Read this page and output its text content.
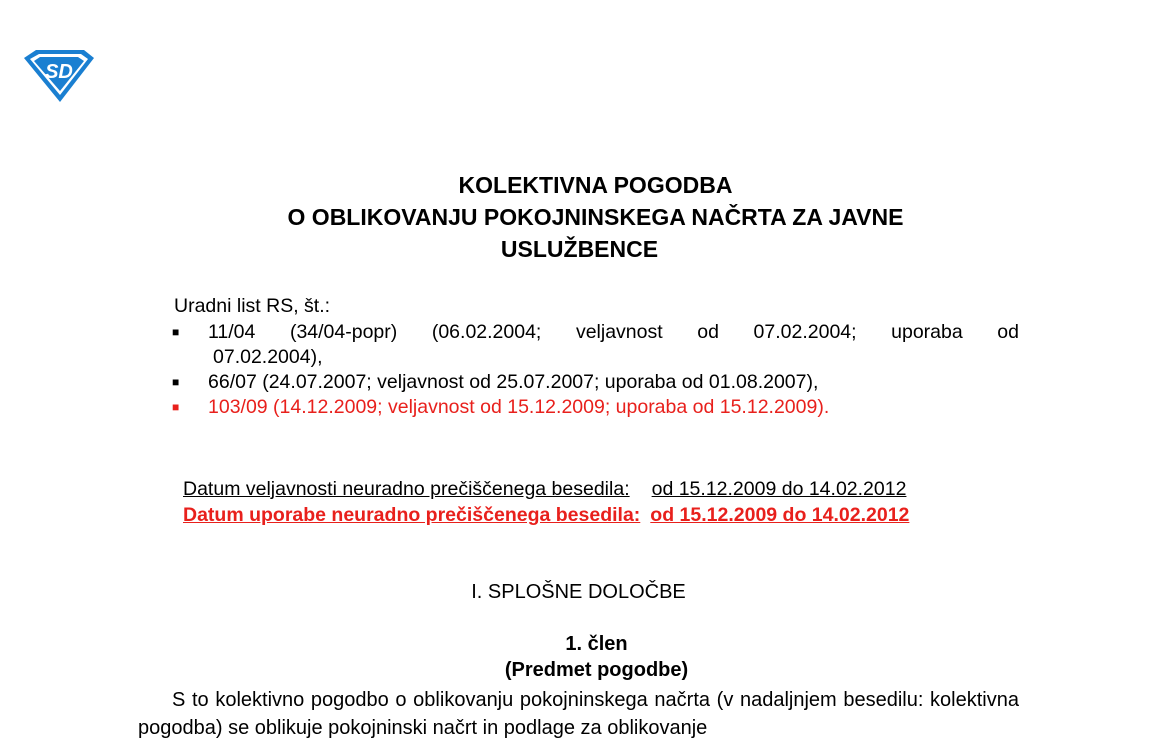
SD
KOLEKTIVNA POGODBA
O OBLIKOVANJU POKOJNINSKEGA NAČRTA ZA JAVNE
USLUŽBENCE
Uradni list RS, št.:
■ 11/04 (34/04-popr) (06.02.2004; veljavnost od 07.02.2004; uporaba od
07.02.2004),
■ 66/07 (24.07.2007; veljavnost od 25.07.2007; uporaba od 01.08.2007),
■ 103/09 (14.12.2009; veljavnost od 15.12.2009; uporaba od 15.12.2009).
Datum veljavnosti neuradno prečiščenega besedila: od 15.12.2009 do 14.02.2012
Datum uporabe neuradno prečiščenega besedila: od 15.12.2009 do 14.02.2012
I. SPLOŠNE DOLOČBE
1. člen
(Predmet pogodbe)
S to kolektivno pogodbo o oblikovanju pokojninskega načrta (v nadaljnjem besedilu: kolektivna pogodba) se oblikuje pokojninski načrt in podlage za oblikovanje
